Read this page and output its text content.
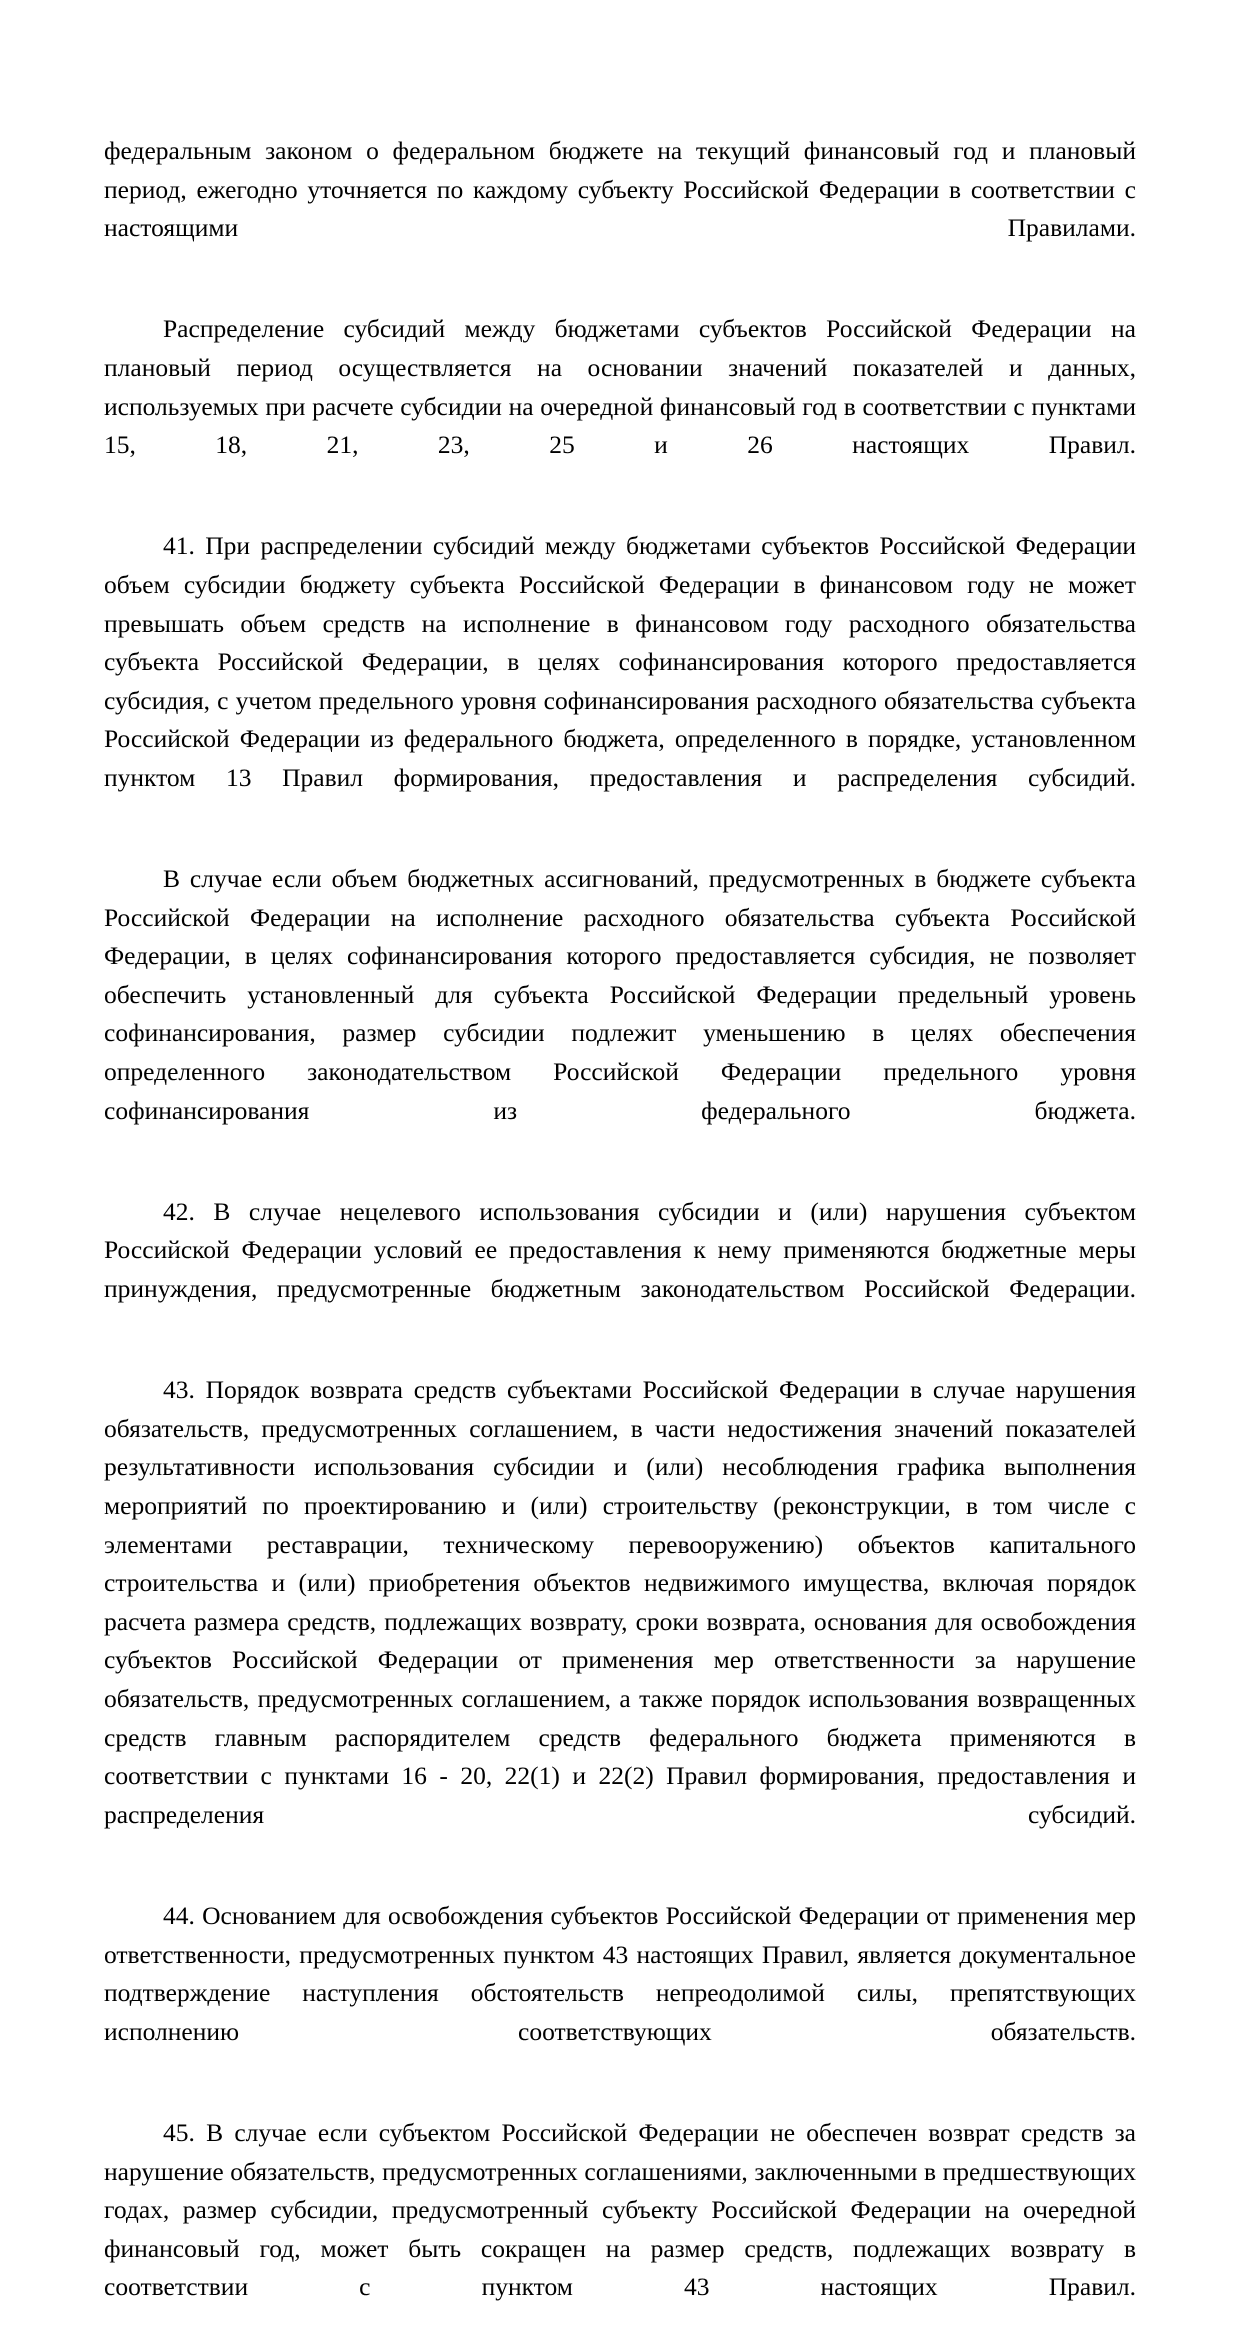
федеральным законом о федеральном бюджете на текущий финансовый год и плановый период, ежегодно уточняется по каждому субъекту Российской Федерации в соответствии с настоящими Правилами.

Распределение субсидий между бюджетами субъектов Российской Федерации на плановый период осуществляется на основании значений показателей и данных, используемых при расчете субсидии на очередной финансовый год в соответствии с пунктами 15, 18, 21, 23, 25 и 26 настоящих Правил.

41. При распределении субсидий между бюджетами субъектов Российской Федерации объем субсидии бюджету субъекта Российской Федерации в финансовом году не может превышать объем средств на исполнение в финансовом году расходного обязательства субъекта Российской Федерации, в целях софинансирования которого предоставляется субсидия, с учетом предельного уровня софинансирования расходного обязательства субъекта Российской Федерации из федерального бюджета, определенного в порядке, установленном пунктом 13 Правил формирования, предоставления и распределения субсидий.

В случае если объем бюджетных ассигнований, предусмотренных в бюджете субъекта Российской Федерации на исполнение расходного обязательства субъекта Российской Федерации, в целях софинансирования которого предоставляется субсидия, не позволяет обеспечить установленный для субъекта Российской Федерации предельный уровень софинансирования, размер субсидии подлежит уменьшению в целях обеспечения определенного законодательством Российской Федерации предельного уровня софинансирования из федерального бюджета.

42. В случае нецелевого использования субсидии и (или) нарушения субъектом Российской Федерации условий ее предоставления к нему применяются бюджетные меры принуждения, предусмотренные бюджетным законодательством Российской Федерации.

43. Порядок возврата средств субъектами Российской Федерации в случае нарушения обязательств, предусмотренных соглашением, в части недостижения значений показателей результативности использования субсидии и (или) несоблюдения графика выполнения мероприятий по проектированию и (или) строительству (реконструкции, в том числе с элементами реставрации, техническому перевооружению) объектов капитального строительства и (или) приобретения объектов недвижимого имущества, включая порядок расчета размера средств, подлежащих возврату, сроки возврата, основания для освобождения субъектов Российской Федерации от применения мер ответственности за нарушение обязательств, предусмотренных соглашением, а также порядок использования возвращенных средств главным распорядителем средств федерального бюджета применяются в соответствии с пунктами 16 - 20, 22(1) и 22(2) Правил формирования, предоставления и распределения субсидий.

44. Основанием для освобождения субъектов Российской Федерации от применения мер ответственности, предусмотренных пунктом 43 настоящих Правил, является документальное подтверждение наступления обстоятельств непреодолимой силы, препятствующих исполнению соответствующих обязательств.

45. В случае если субъектом Российской Федерации не обеспечен возврат средств за нарушение обязательств, предусмотренных соглашениями, заключенными в предшествующих годах, размер субсидии, предусмотренный субъекту Российской Федерации на очередной финансовый год, может быть сокращен на размер средств, подлежащих возврату в соответствии с пунктом 43 настоящих Правил.
